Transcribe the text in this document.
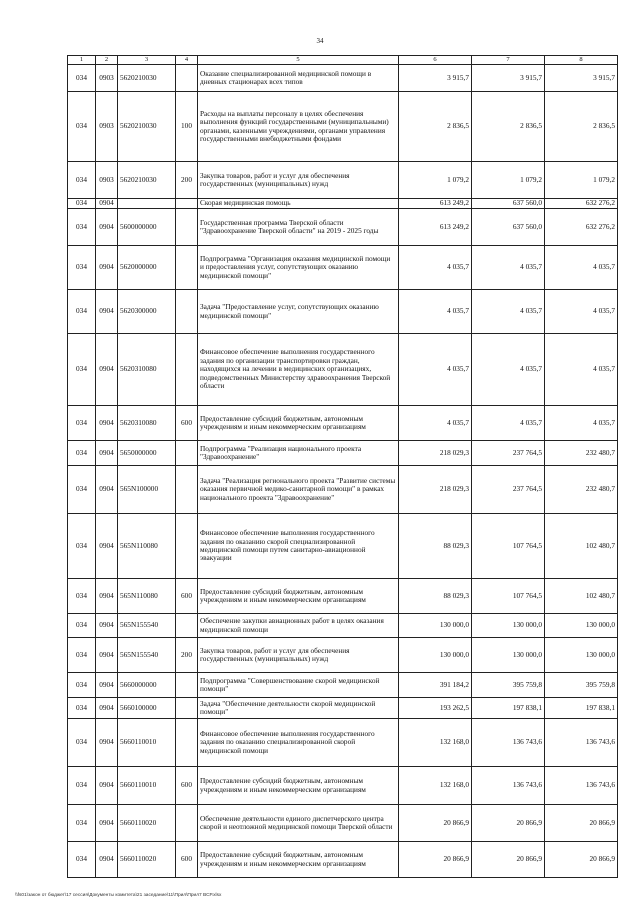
34
1	2	3	4	5	6	7	8
034	0903	5620210030		Оказание специализированной медицинской помощи в дневных стационарах всех типов	3 915,7	3 915,7	3 915,7
034	0903	5620210030	100	Расходы на выплаты персоналу в целях обеспечения выполнения функций государственными (муниципальными) органами, казенными учреждениями, органами управления государственными внебюджетными фондами	2 836,5	2 836,5	2 836,5
034	0903	5620210030	200	Закупка товаров, работ и услуг для обеспечения государственных (муниципальных) нужд	1 079,2	1 079,2	1 079,2
034	0904			Скорая медицинская помощь	613 249,2	637 560,0	632 276,2
034	0904	5600000000		Государственная программа Тверской области "Здравоохранение Тверской области" на 2019 - 2025 годы	613 249,2	637 560,0	632 276,2
034	0904	5620000000		Подпрограмма "Организация оказания медицинской помощи и предоставления услуг, сопутствующих оказанию медицинской помощи"	4 035,7	4 035,7	4 035,7
034	0904	5620300000		Задача "Предоставление услуг, сопутствующих оказанию медицинской помощи"	4 035,7	4 035,7	4 035,7
034	0904	5620310080		Финансовое обеспечение выполнения государственного задания по организации транспортировки граждан, находящихся на лечении в медицинских организациях, подведомственных Министерству здравоохранения Тверской области	4 035,7	4 035,7	4 035,7
034	0904	5620310080	600	Предоставление субсидий бюджетным, автономным учреждениям и иным некоммерческим организациям	4 035,7	4 035,7	4 035,7
034	0904	5650000000		Подпрограмма "Реализация национального проекта "Здравоохранение"	218 029,3	237 764,5	232 480,7
034	0904	565N100000		Задача "Реализация регионального проекта "Развитие системы оказания первичной медико-санитарной помощи" в рамках национального проекта "Здравоохранение"	218 029,3	237 764,5	232 480,7
034	0904	565N110080		Финансовое обеспечение выполнения государственного задания по оказанию скорой специализированной медицинской помощи путем санитарно-авиационной эвакуации	88 029,3	107 764,5	102 480,7
034	0904	565N110080	600	Предоставление субсидий бюджетным, автономным учреждениям и иным некоммерческим организациям	88 029,3	107 764,5	102 480,7
034	0904	565N155540		Обеспечение закупки авиационных работ в целях оказания медицинской помощи	130 000,0	130 000,0	130 000,0
034	0904	565N155540	200	Закупка товаров, работ и услуг для обеспечения государственных (муниципальных) нужд	130 000,0	130 000,0	130 000,0
034	0904	5660000000		Подпрограмма "Совершенствование скорой медицинской помощи"	391 184,2	395 759,8	395 759,8
034	0904	5660100000		Задача "Обеспечение деятельности скорой медицинской помощи"	193 262,5	197 838,1	197 838,1
034	0904	5660110010		Финансовое обеспечение выполнения государственного задания по оказанию специализированной скорой медицинской помощи	132 168,0	136 743,6	136 743,6
034	0904	5660110010	600	Предоставление субсидий бюджетным, автономным учреждениям и иным некоммерческим организациям	132 168,0	136 743,6	136 743,6
034	0904	5660110020		Обеспечение деятельности единого диспетчерского центра скорой и неотложной медицинской помощи Тверской области	20 866,9	20 866,9	20 866,9
034	0904	5660110020	600	Предоставление субсидий бюджетным, автономным учреждениям и иным некоммерческим организациям	20 866,9	20 866,9	20 866,9
\\fs01\закон от бюджет\17 сессия\Документы комитета\21 заседание\11\Прил\Прил7 ВСР.xlsx
